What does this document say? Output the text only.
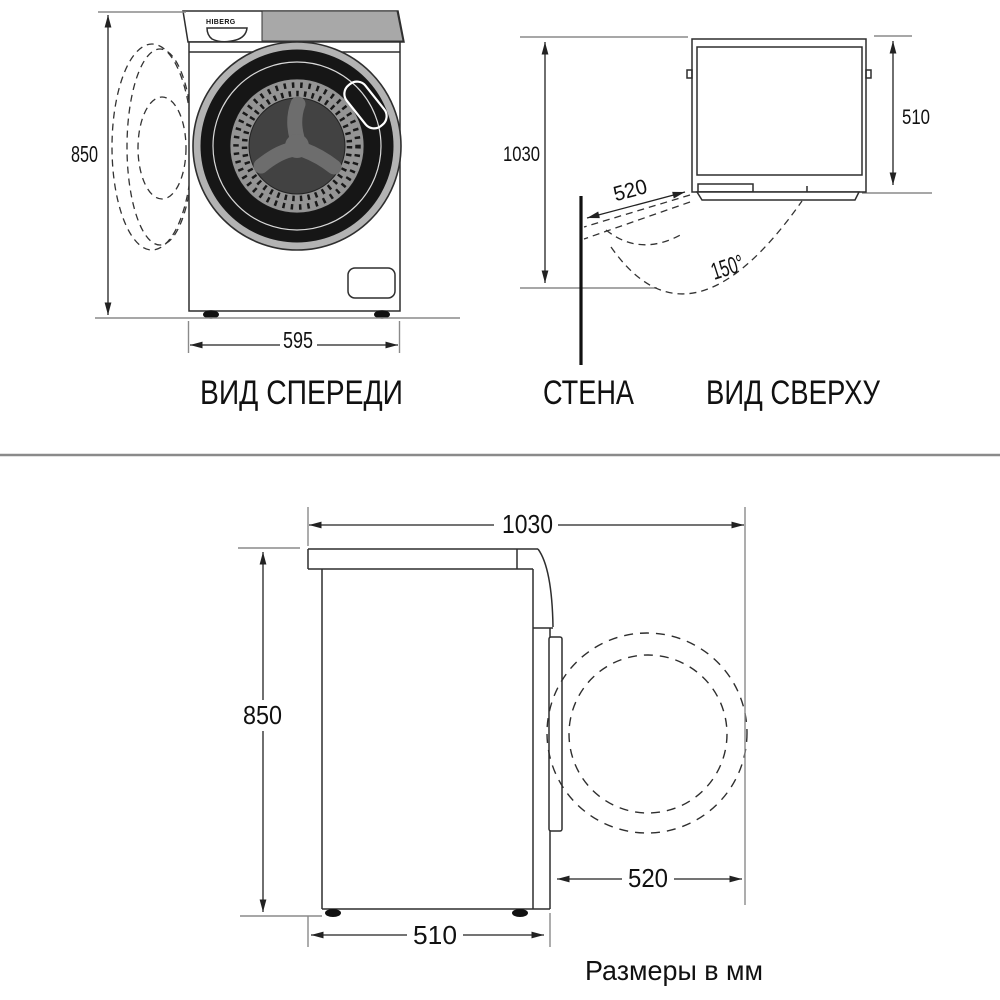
HIBERG
850
595
ВИД СПЕРЕДИ
520
150°
1030
510
СТЕНА ВИД СВЕРХУ
1030
850
520
510
Размеры в мм
